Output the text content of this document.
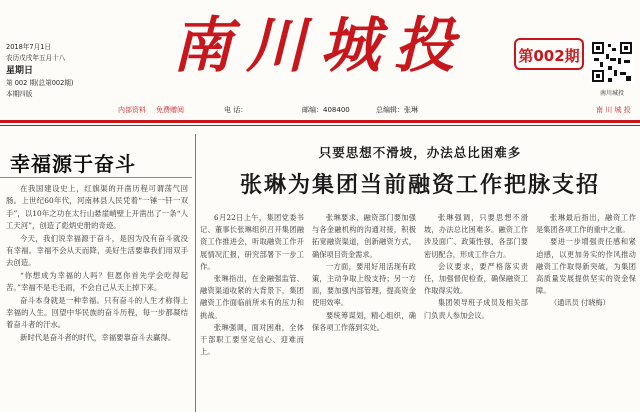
2018年7月1日
农历戊戌年五月十八
星期日
第 002 期(总第002期)
本期四版
南川城投	第002期
南川城投
内部资料 免费赠阅	电 话：	邮编：408400	总编辑：张琳	南 川 城 投
幸福源于奋斗

在我国建设史上，红旗渠的开凿历程可谓荡气回肠。上世纪60年代，河南林县人民凭着“一锤一钎一双手”，以10年之功在太行山悬崖峭壁上开凿出了一条“人工天河”，创造了彪炳史册的奇迹。

今天，我们说幸福源于奋斗，是因为没有奋斗就没有幸福。幸福不会从天而降，美好生活要靠我们用双手去创造。

“你想成为幸福的人吗？但愿你首先学会吃得起苦。”幸福不是毛毛雨，不会自己从天上掉下来。

奋斗本身就是一种幸福。只有奋斗的人生才称得上幸福的人生。回望中华民族的奋斗历程，每一步都凝结着奋斗者的汗水。

新时代是奋斗者的时代，幸福要靠奋斗去赢得。

只要思想不滑坡，办法总比困难多
张琳为集团当前融资工作把脉支招

6月22日上午，集团党委书记、董事长张琳组织召开集团融资工作推进会，听取融资工作开展情况汇报，研究部署下一步工作。

张琳指出，在金融强监管、融资渠道收紧的大背景下，集团融资工作面临前所未有的压力和挑战。

张琳强调，面对困难，全体干部职工要坚定信心、迎难而上。

张琳要求，融资部门要加强与各金融机构的沟通对接，积极拓宽融资渠道，创新融资方式，确保项目资金需求。

一方面，要用好用活现有政策，主动争取上级支持；另一方面，要加强内部管理，提高资金使用效率。

要统筹谋划，精心组织，确保各项工作落到实处。

张琳强调，只要思想不滑坡，办法总比困难多。融资工作涉及面广、政策性强，各部门要密切配合，形成工作合力。

会议要求，要严格落实责任，加强督促检查，确保融资工作取得实效。

集团领导班子成员及相关部门负责人参加会议。

张琳最后指出，融资工作是集团各项工作的重中之重。

要进一步增强责任感和紧迫感，以更加务实的作风推动融资工作取得新突破，为集团高质量发展提供坚实的资金保障。

（通讯员 付晓梅）
